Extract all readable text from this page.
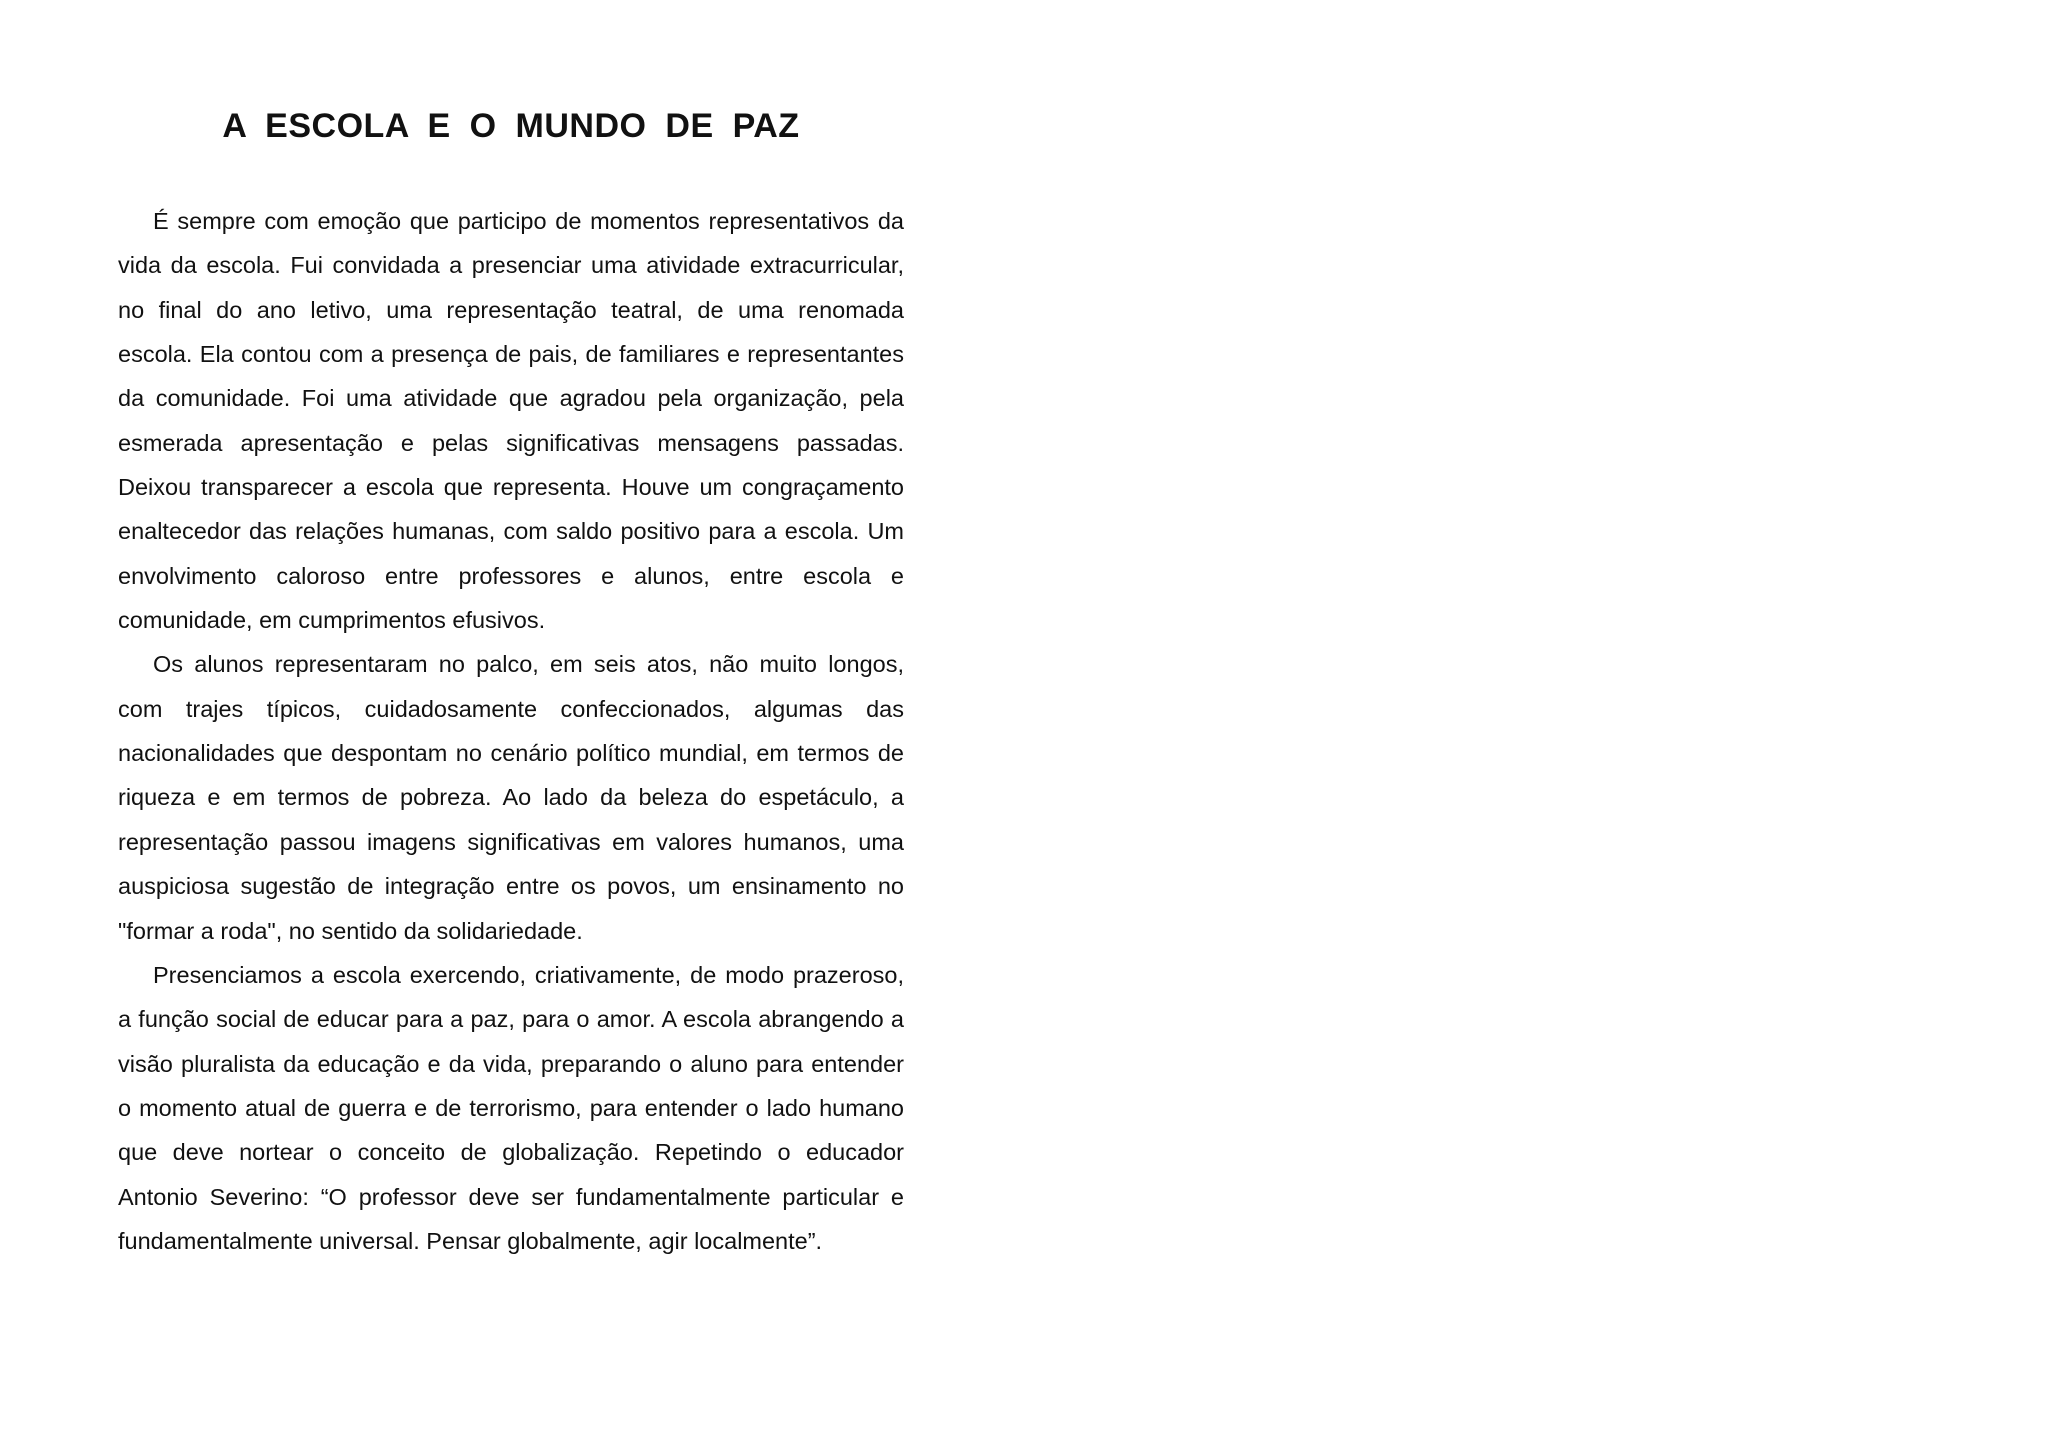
A ESCOLA E O MUNDO DE PAZ

É sempre com emoção que participo de momentos representativos da vida da escola. Fui convidada a presenciar uma atividade extracurricular, no final do ano letivo, uma representação teatral, de uma renomada escola. Ela contou com a presença de pais, de familiares e representantes da comunidade. Foi uma atividade que agradou pela organização, pela esmerada apresentação e pelas significativas mensagens passadas. Deixou transparecer a escola que representa. Houve um congraçamento enaltecedor das relações humanas, com saldo positivo para a escola. Um envolvimento caloroso entre professores e alunos, entre escola e comunidade, em cumprimentos efusivos.

Os alunos representaram no palco, em seis atos, não muito longos, com trajes típicos, cuidadosamente confeccionados, algumas das nacionalidades que despontam no cenário político mundial, em termos de riqueza e em termos de pobreza. Ao lado da beleza do espetáculo, a representação passou imagens significativas em valores humanos, uma auspiciosa sugestão de integração entre os povos, um ensinamento no "formar a roda", no sentido da solidariedade.

Presenciamos a escola exercendo, criativamente, de modo prazeroso, a função social de educar para a paz, para o amor. A escola abrangendo a visão pluralista da educação e da vida, preparando o aluno para entender o momento atual de guerra e de terrorismo, para entender o lado humano que deve nortear o conceito de globalização. Repetindo o educador Antonio Severino: “O professor deve ser fundamentalmente particular e fundamentalmente universal. Pensar globalmente, agir localmente”.
